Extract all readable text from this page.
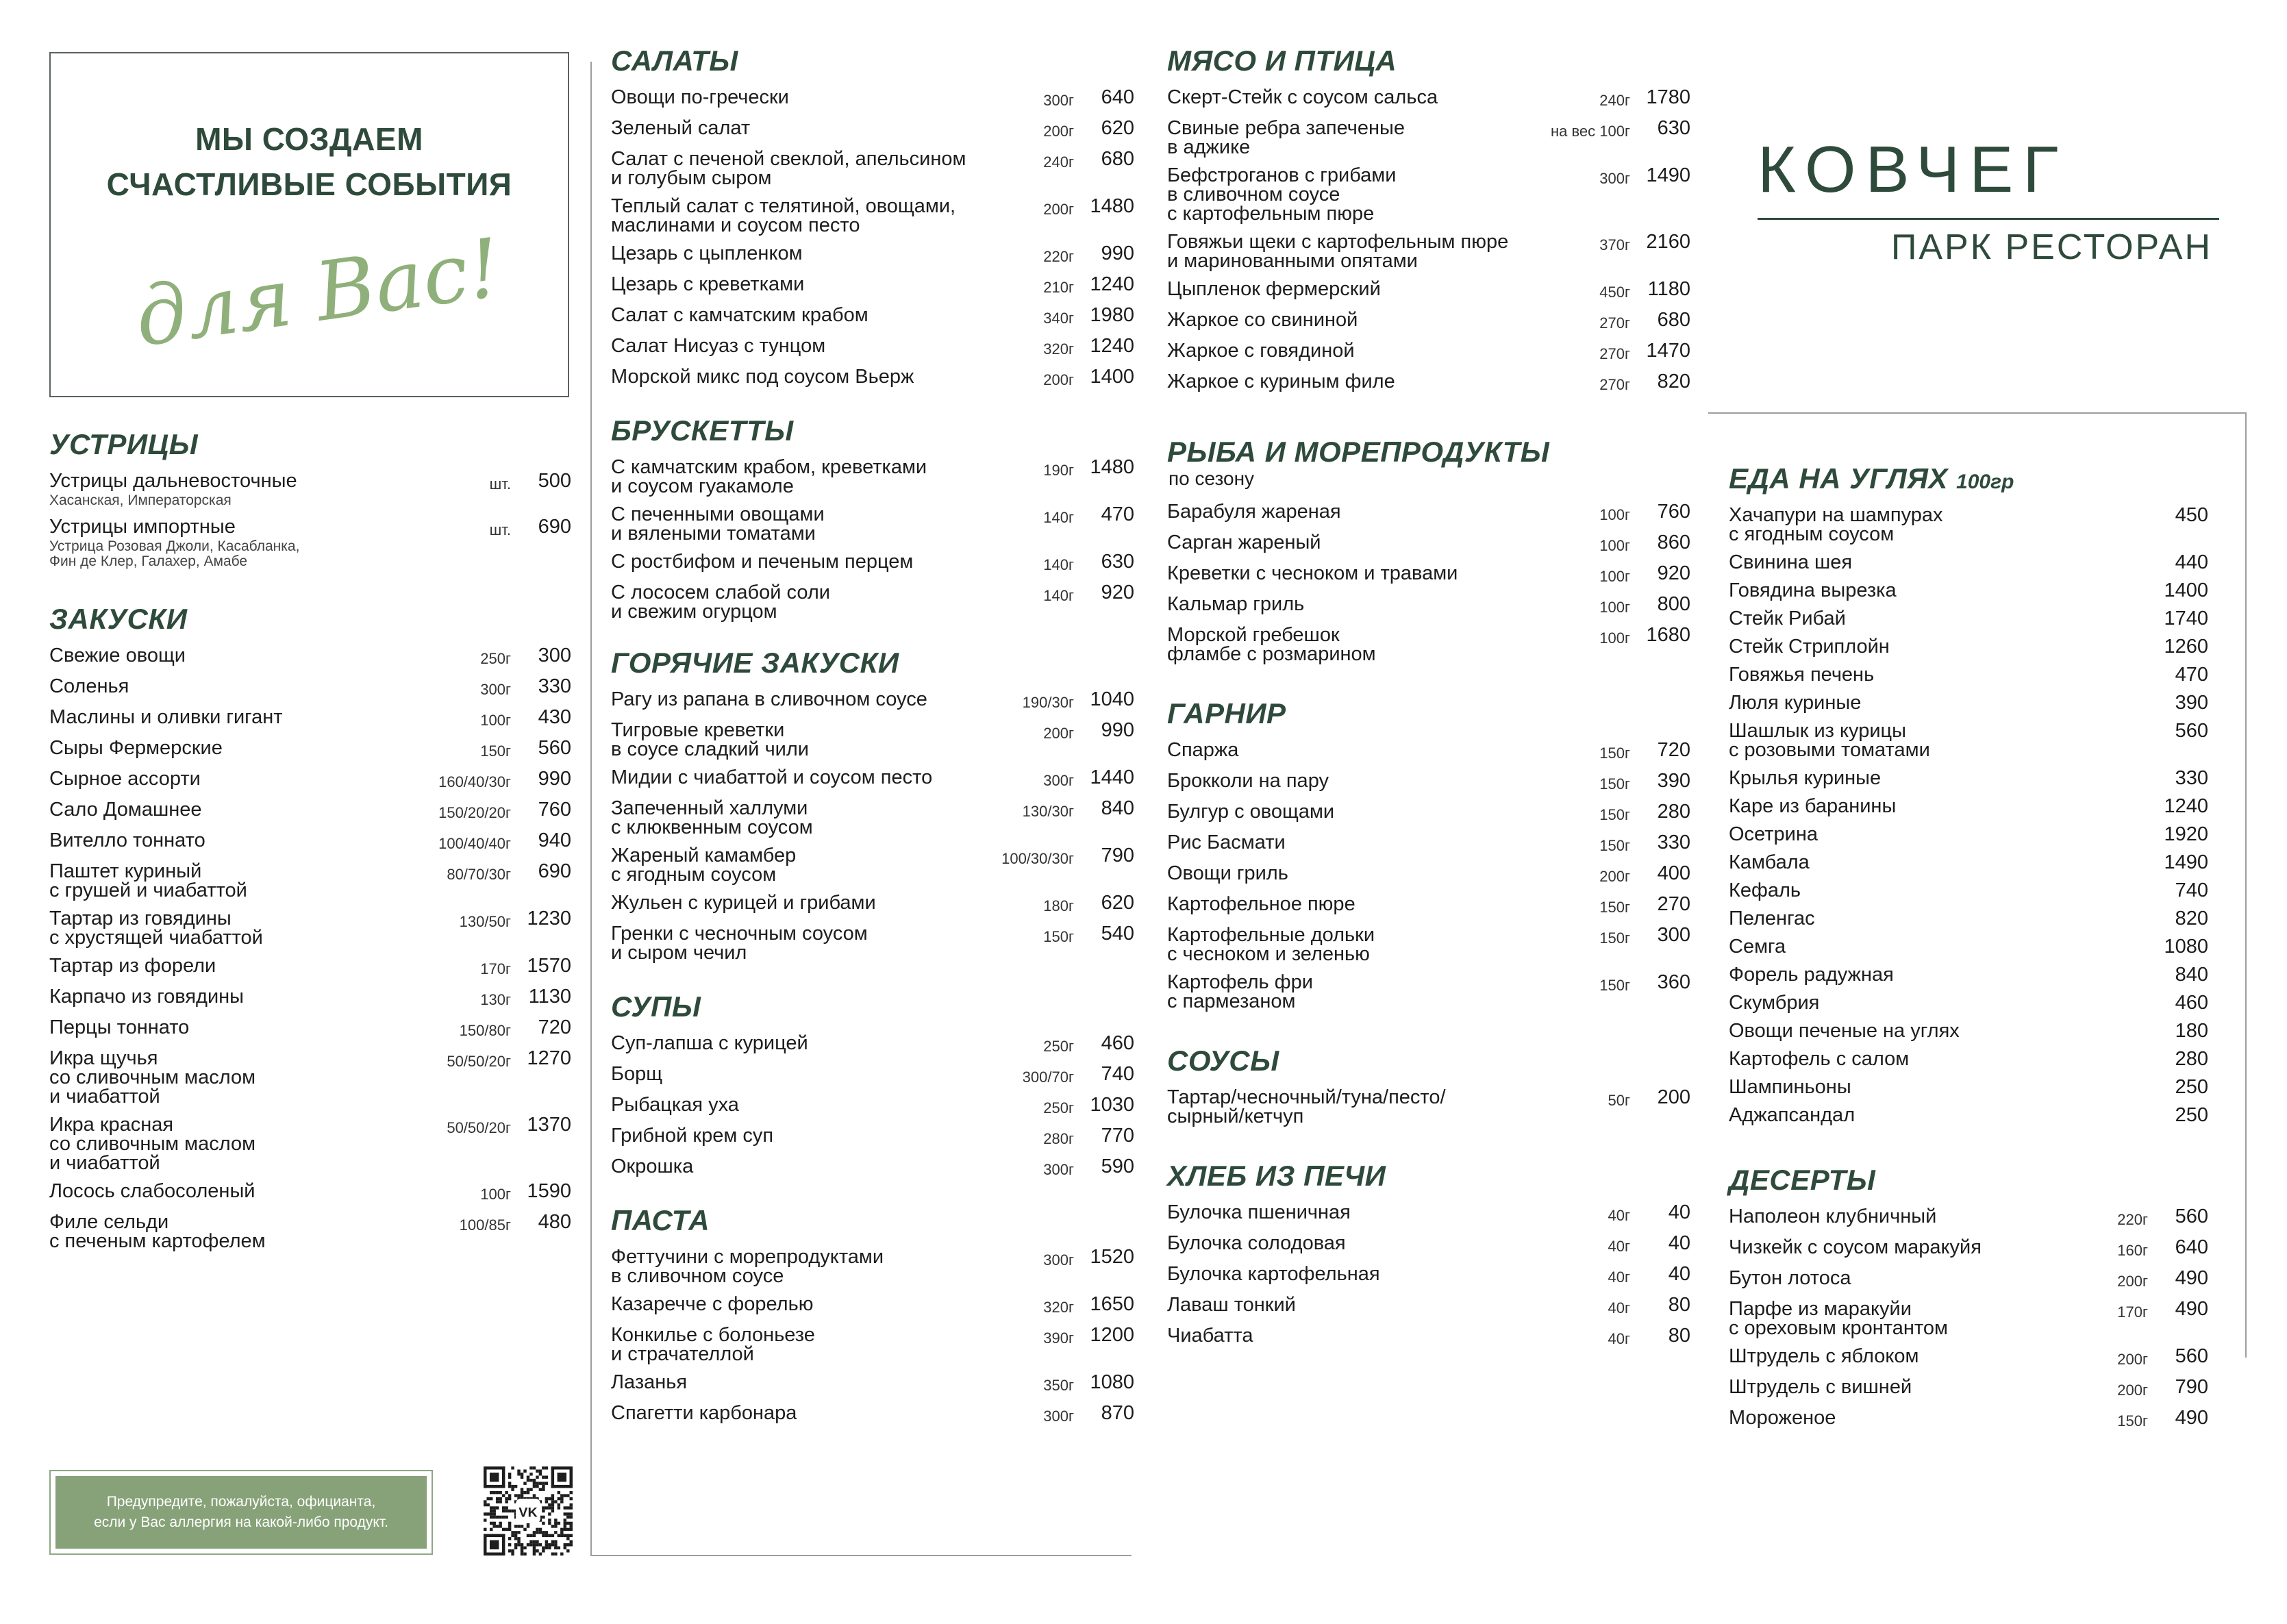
МЫ СОЗДАЕМ
СЧАСТЛИВЫЕ СОБЫТИЯ
для Вас!
КОВЧЕГ
ПАРК РЕСТОРАН
УСТРИЦЫ
Устрицы дальневосточные
Хасанская, Императорская
шт.	500
Устрицы импортные
Устрица Розовая Джоли, Касабланка,
Фин де Клер, Галахер, Амабе
шт.	690
ЗАКУСКИ
Свежие овощи	250г	300
Соленья	300г	330
Маслины и оливки гигант	100г	430
Сыры Фермерские	150г	560
Сырное ассорти	160/40/30г	990
Сало Домашнее	150/20/20г	760
Вителло тоннато	100/40/40г	940
Паштет куриный
с грушей и чиабаттой
80/70/30г	690
Тартар из говядины
с хрустящей чиабаттой
130/50г 1230
Тартар из форели	170г 1570
Карпачо из говядины	130г 1130
Перцы тоннато	150/80г	720
Икра щучья
со сливочным маслом
и чиабаттой
50/50/20г 1270
Икра красная
со сливочным маслом
и чиабаттой
50/50/20г 1370
Лосось слабосоленый	100г 1590
Филе сельди
с печеным картофелем
100/85г	480
САЛАТЫ
Овощи по-гречески	300г	640
Зеленый салат	200г	620
Салат с печеной свеклой, апельсином
и голубым сыром
240г	680
Теплый салат с телятиной, овощами,
маслинами и соусом песто
200г 1480
Цезарь с цыпленком	220г	990
Цезарь с креветками	210г 1240
Салат с камчатским крабом	340г 1980
Салат Нисуаз с тунцом	320г 1240
Морской микс под соусом Вьерж	200г 1400
БРУСКЕТТЫ
С камчатским крабом, креветками
и соусом гуакамоле
190г 1480
С печенными овощами
и вялеными томатами
140г	470
С ростбифом и печеным перцем	140г	630
С лососем слабой соли
и свежим огурцом
140г	920
ГОРЯЧИЕ ЗАКУСКИ
Рагу из рапана в сливочном соусе	190/30г 1040
Тигровые креветки
в соусе сладкий чили
200г	990
Мидии с чиабаттой и соусом песто	300г 1440
Запеченный халлуми
с клюквенным соусом
130/30г	840
Жареный камамбер
с ягодным соусом
100/30/30г	790
Жульен с курицей и грибами	180г	620
Гренки с чесночным соусом
и сыром чечил
150г	540
СУПЫ
Суп-лапша с курицей	250г	460
Борщ	300/70г	740
Рыбацкая уха	250г 1030
Грибной крем суп	280г	770
Окрошка	300г	590
ПАСТА
Феттучини с морепродуктами
в сливочном соусе
300г 1520
Казаречче с форелью	320г 1650
Конкилье с болоньезе
и страчателлой
390г 1200
Лазанья	350г 1080
Спагетти карбонара	300г	870
МЯСО И ПТИЦА
Скерт-Стейк с соусом сальса	240г 1780
Свиные ребра запеченые
в аджике
на вес 100г	630
Бефстроганов с грибами
в сливочном соусе
с картофельным пюре
300г 1490
Говяжьи щеки с картофельным пюре
и маринованными опятами
370г 2160
Цыпленок фермерский	450г 1180
Жаркое со свининой	270г	680
Жаркое с говядиной	270г 1470
Жаркое с куриным филе	270г	820
РЫБА И МОРЕПРОДУКТЫ
по сезону
Барабуля жареная	100г	760
Сарган жареный	100г	860
Креветки с чесноком и травами	100г	920
Кальмар гриль	100г	800
Морской гребешок
фламбе с розмарином
100г 1680
ГАРНИР
Спаржа	150г	720
Брокколи на пару	150г	390
Булгур с овощами	150г	280
Рис Басмати	150г	330
Овощи гриль	200г	400
Картофельное пюре	150г	270
Картофельные дольки
с чесноком и зеленью
150г	300
Картофель фри
с пармезаном
150г	360
СОУСЫ
Тартар/чесночный/туна/песто/
сырный/кетчуп
50г	200
ХЛЕБ ИЗ ПЕЧИ
Булочка пшеничная	40г	40
Булочка солодовая	40г	40
Булочка картофельная	40г	40
Лаваш тонкий	40г	80
Чиабатта	40г	80
ЕДА НА УГЛЯХ 100гр
Хачапури на шампурах
с ягодным соусом
450
Свинина шея	440
Говядина вырезка	1400
Стейк Рибай	1740
Стейк Стриплойн	1260
Говяжья печень	470
Люля куриные	390
Шашлык из курицы
с розовыми томатами
560
Крылья куриные	330
Каре из баранины	1240
Осетрина	1920
Камбала	1490
Кефаль	740
Пеленгас	820
Семга	1080
Форель радужная	840
Скумбрия	460
Овощи печеные на углях	180
Картофель с салом	280
Шампиньоны	250
Аджапсандал	250
ДЕСЕРТЫ
Наполеон клубничный	220г	560
Чизкейк с соусом маракуйя	160г	640
Бутон лотоса	200г	490
Парфе из маракуйи
с ореховым кронтантом
170г	490
Штрудель с яблоком	200г	560
Штрудель с вишней	200г	790
Мороженое	150г	490
Предупредите, пожалуйста, официанта,
если у Вас аллергия на какой-либо продукт.
VK
